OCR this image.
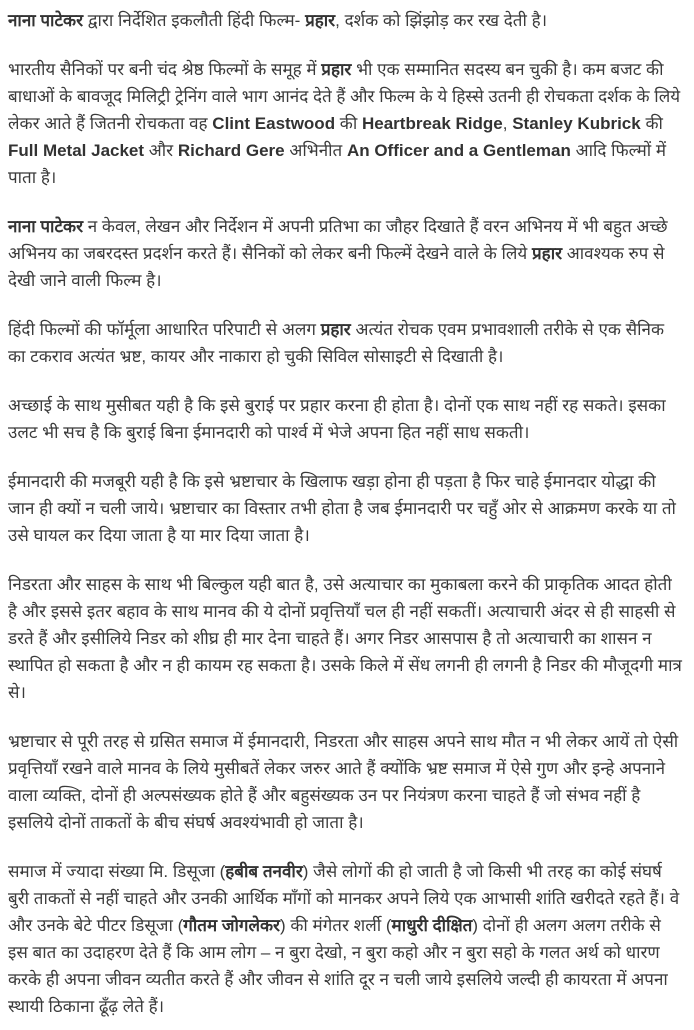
नाना पाटेकर द्वारा निर्देशित इकलौती हिंदी फिल्म- प्रहार, दर्शक को झिंझोड़ कर रख देती है।

भारतीय सैनिकों पर बनी चंद श्रेष्ठ फिल्मों के समूह में प्रहार भी एक सम्मानित सदस्य बन चुकी है। कम बजट की बाधाओं के बावजूद मिलिट्री ट्रेनिंग वाले भाग आनंद देते हैं और फिल्म के ये हिस्से उतनी ही रोचकता दर्शक के लिये लेकर आते हैं जितनी रोचकता वह Clint Eastwood की Heartbreak Ridge, Stanley Kubrick की Full Metal Jacket और Richard Gere अभिनीत An Officer and a Gentleman आदि फिल्मों में पाता है।

नाना पाटेकर न केवल, लेखन और निर्देशन में अपनी प्रतिभा का जौहर दिखाते हैं वरन अभिनय में भी बहुत अच्छे अभिनय का जबरदस्त प्रदर्शन करते हैं। सैनिकों को लेकर बनी फिल्में देखने वाले के लिये प्रहार आवश्यक रुप से देखी जाने वाली फिल्म है।

हिंदी फिल्मों की फॉर्मूला आधारित परिपाटी से अलग प्रहार अत्यंत रोचक एवम प्रभावशाली तरीके से एक सैनिक का टकराव अत्यंत भ्रष्ट, कायर और नाकारा हो चुकी सिविल सोसाइटी से दिखाती है।

अच्छाई के साथ मुसीबत यही है कि इसे बुराई पर प्रहार करना ही होता है। दोनों एक साथ नहीं रह सकते। इसका उलट भी सच है कि बुराई बिना ईमानदारी को पार्श्व में भेजे अपना हित नहीं साध सकती।

ईमानदारी की मजबूरी यही है कि इसे भ्रष्टाचार के खिलाफ खड़ा होना ही पड़ता है फिर चाहे ईमानदार योद्धा की जान ही क्यों न चली जाये। भ्रष्टाचार का विस्तार तभी होता है जब ईमानदारी पर चहुँ ओर से आक्रमण करके या तो उसे घायल कर दिया जाता है या मार दिया जाता है।

निडरता और साहस के साथ भी बिल्कुल यही बात है, उसे अत्याचार का मुकाबला करने की प्राकृतिक आदत होती है और इससे इतर बहाव के साथ मानव की ये दोनों प्रवृत्तियाँ चल ही नहीं सकतीं। अत्याचारी अंदर से ही साहसी से डरते हैं और इसीलिये निडर को शीघ्र ही मार देना चाहते हैं। अगर निडर आसपास है तो अत्याचारी का शासन न स्थापित हो सकता है और न ही कायम रह सकता है। उसके किले में सेंध लगनी ही लगनी है निडर की मौजूदगी मात्र से।

भ्रष्टाचार से पूरी तरह से ग्रसित समाज में ईमानदारी, निडरता और साहस अपने साथ मौत न भी लेकर आयें तो ऐसी प्रवृत्तियाँ रखने वाले मानव के लिये मुसीबतें लेकर जरुर आते हैं क्योंकि भ्रष्ट समाज में ऐसे गुण और इन्हे अपनाने वाला व्यक्ति, दोनों ही अल्पसंख्यक होते हैं और बहुसंख्यक उन पर नियंत्रण करना चाहते हैं जो संभव नहीं है इसलिये दोनों ताकतों के बीच संघर्ष अवश्यंभावी हो जाता है।

समाज में ज्यादा संख्या मि. डिसूजा (हबीब तनवीर) जैसे लोगों की हो जाती है जो किसी भी तरह का कोई संघर्ष बुरी ताकतों से नहीं चाहते और उनकी आर्थिक माँगों को मानकर अपने लिये एक आभासी शांति खरीदते रहते हैं। वे और उनके बेटे पीटर डिसूजा (गौतम जोगलेकर) की मंगेतर शर्ली (माधुरी दीक्षित) दोनों ही अलग अलग तरीके से इस बात का उदाहरण देते हैं कि आम लोग – न बुरा देखो, न बुरा कहो और न बुरा सहो के गलत अर्थ को धारण करके ही अपना जीवन व्यतीत करते हैं और जीवन से शांति दूर न चली जाये इसलिये जल्दी ही कायरता में अपना स्थायी ठिकाना ढूँढ़ लेते हैं।
